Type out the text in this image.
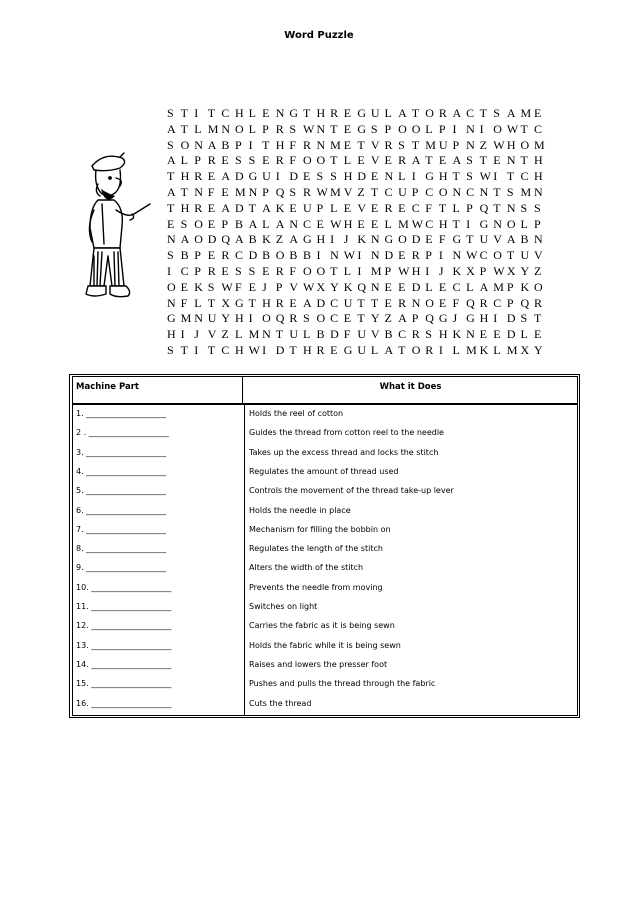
Word Puzzle
S T I T C H L E N G T H R E G U L A T O R A C T S A M E
A T L M N O L P R S W N T E G S P O O L P I N I O W T C
S O N A B P I T H F R N M E T V R S T M U P N Z W H O M
A L P R E S S E R F O O T L E V E R A T E A S T E N T H
T H R E A D G U I D E S S H D E N L I G H T S W I T C H
A T N F E M N P Q S R W M V Z T C U P C O N C N T S M N
T H R E A D T A K E U P L E V E R E C F T L P Q T N S S
E S O E P B A L A N C E W H E E L M W C H T I G N O L P
N A O D Q A B K Z A G H I J K N G O D E F G T U V A B N
S B P E R C D B O B B I N W I N D E R P I N W C O T U V
I C P R E S S E R F O O T L I M P W H I J K X P W X Y Z
O E K S W F E J P V W X Y K Q N E E D L E C L A M P K O
N F L T X G T H R E A D C U T T E R N O E F Q R C P Q R
G M N U Y H I O Q R S O C E T Y Z A P Q G J G H I D S T
H I J V Z L M N T U L B D F U V B C R S H K N E E D L E
S T I T C H W I D T H R E G U L A T O R I L M K L M X Y
Machine Part	What it Does
1. ____________________	Holds the reel of cotton
2 . ____________________	Guides the thread from cotton reel to the needle
3. ____________________	Takes up the excess thread and locks the stitch
4. ____________________	Regulates the amount of thread used
5. ____________________	Controls the movement of the thread take-up lever
6. ____________________	Holds the needle in place
7. ____________________	Mechanism for filling the bobbin on
8. ____________________	Regulates the length of the stitch
9. ____________________	Alters the width of the stitch
10. ____________________	Prevents the needle from moving
11. ____________________	Switches on light
12. ____________________	Carries the fabric as it is being sewn
13. ____________________	Holds the fabric while it is being sewn
14. ____________________	Raises and lowers the presser foot
15. ____________________	Pushes and pulls the thread through the fabric
16. ____________________	Cuts the thread
